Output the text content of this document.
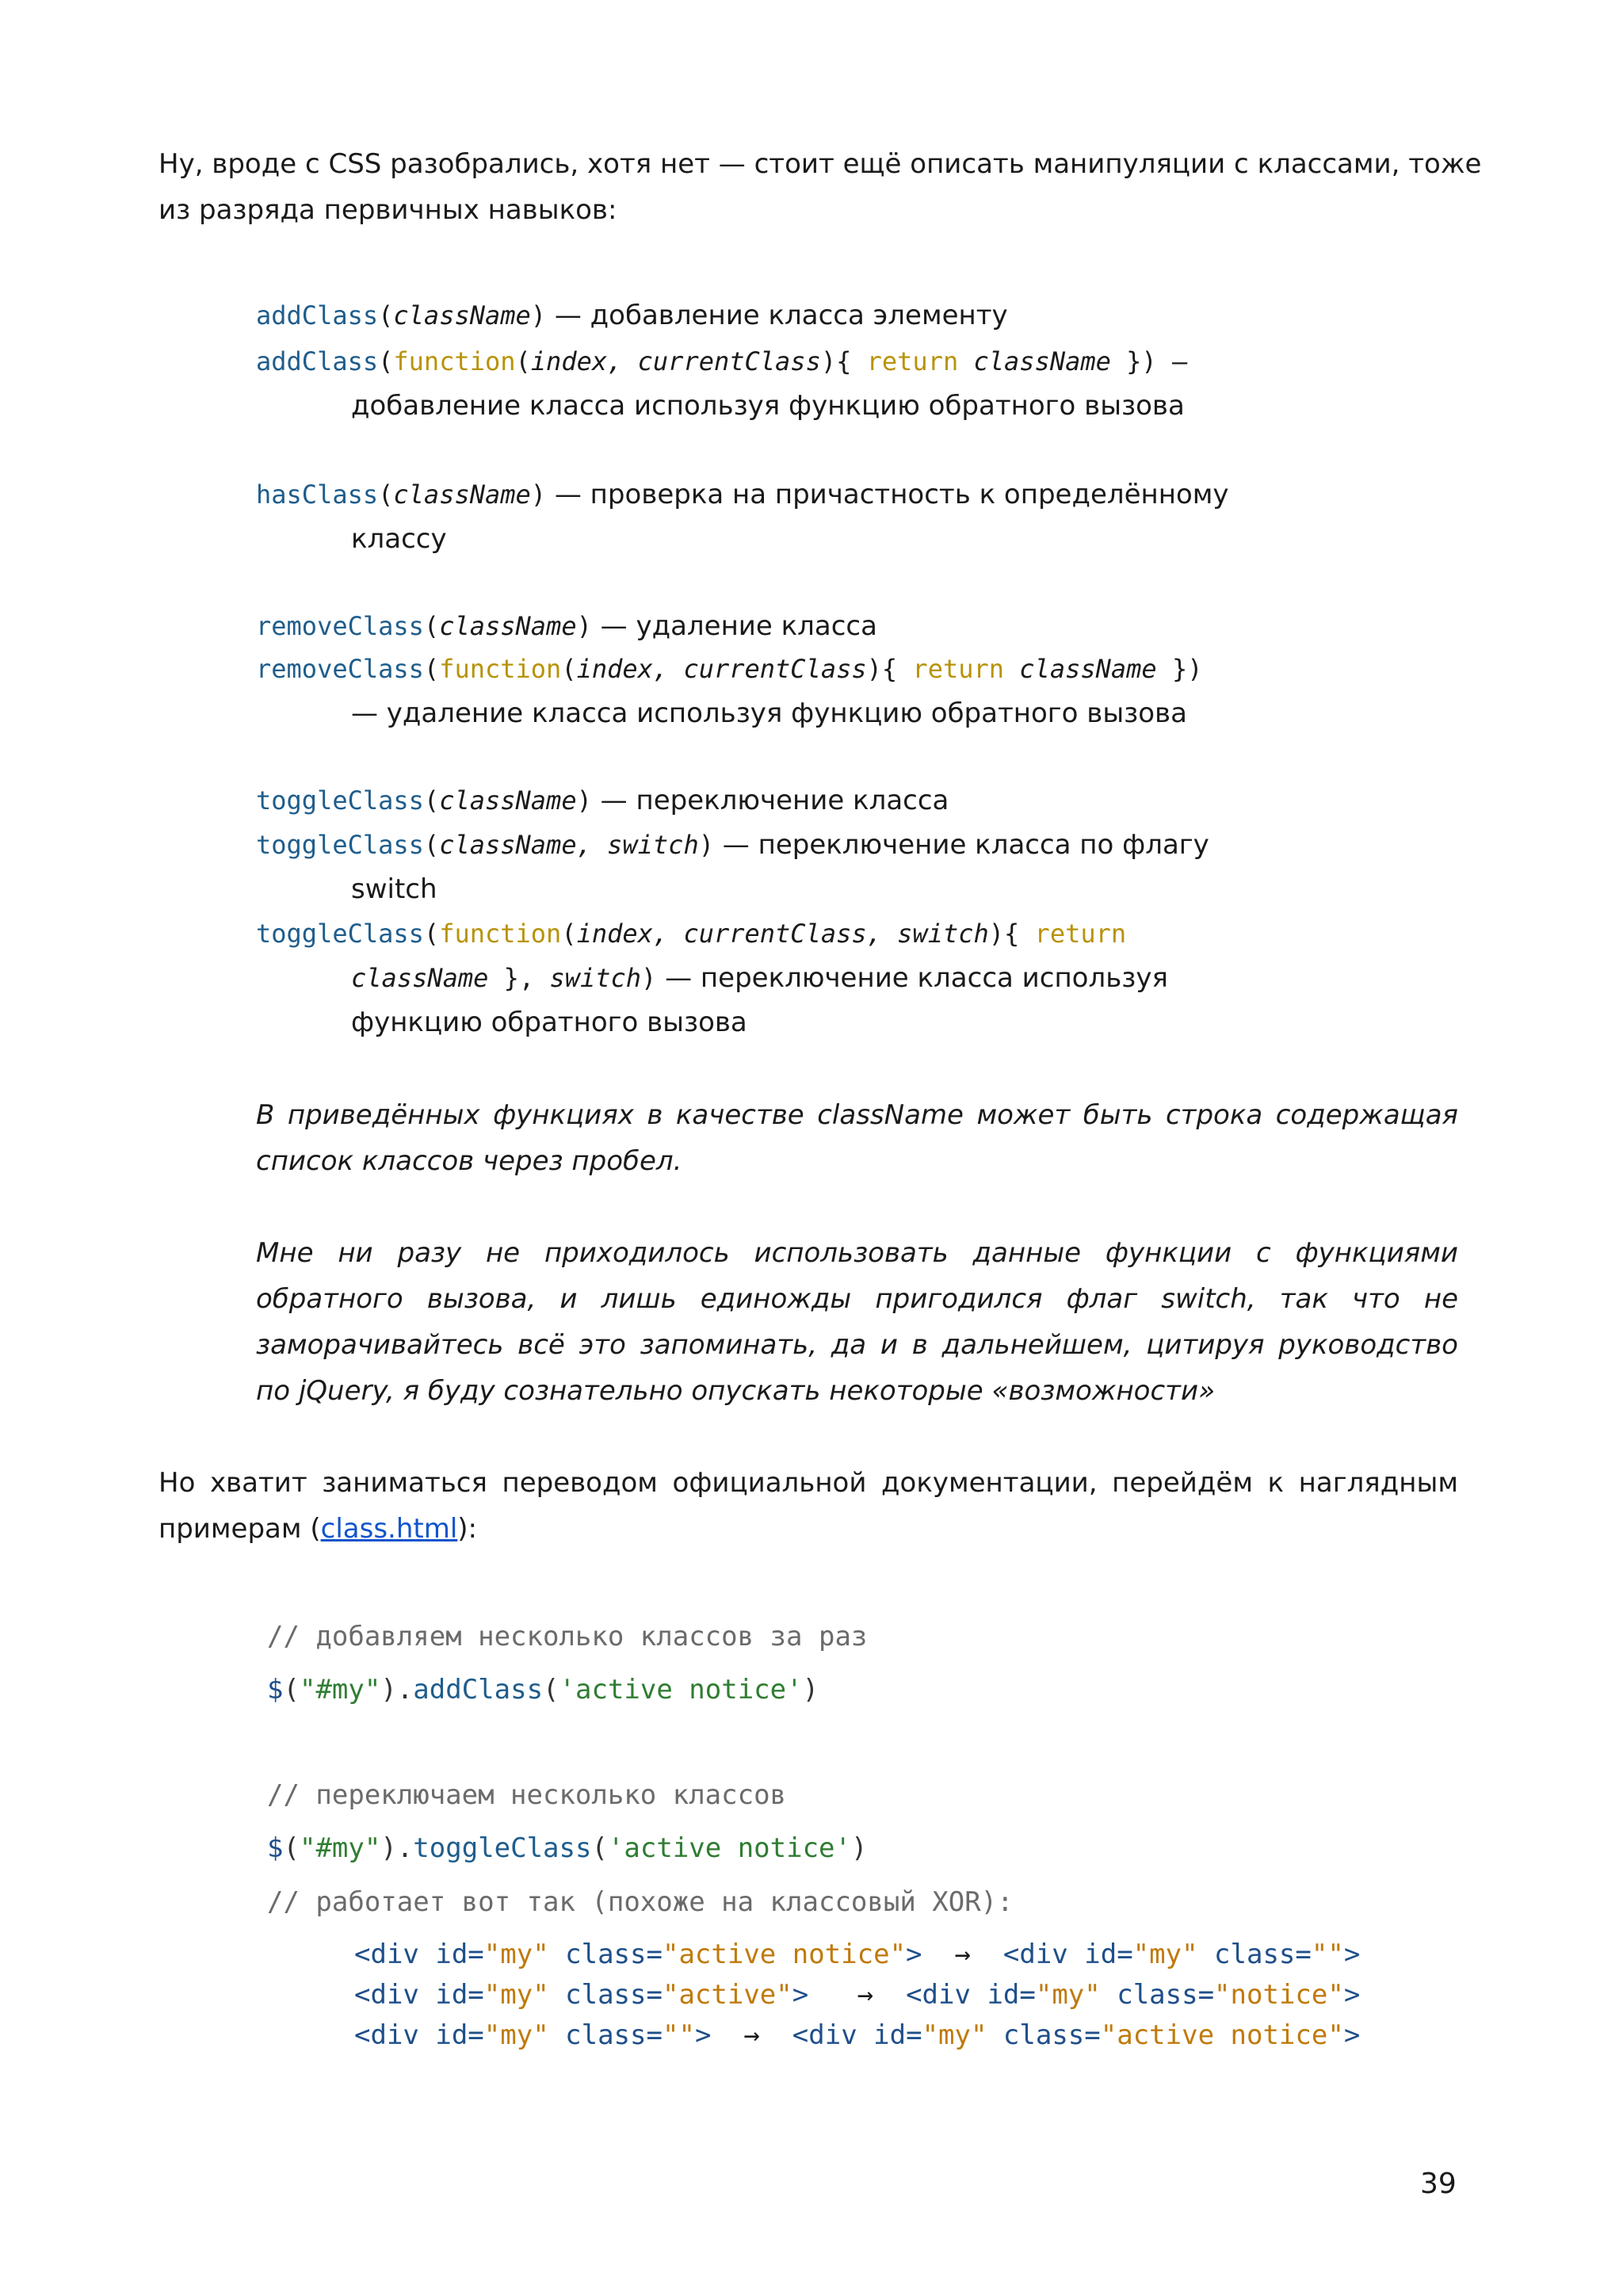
Ну, вроде с CSS разобрались, хотя нет — стоит ещё описать манипуляции с классами, тоже
из разряда первичных навыков:
addClass(className) — добавление класса элементу
addClass(function(index, currentClass){ return className }) —
добавление класса используя функцию обратного вызова
hasClass(className) — проверка на причастность к определённому
классу
removeClass(className) — удаление класса
removeClass(function(index, currentClass){ return className })
— удаление класса используя функцию обратного вызова
toggleClass(className) — переключение класса
toggleClass(className, switch) — переключение класса по флагу
switch
toggleClass(function(index, currentClass, switch){ return
className }, switch) — переключение класса используя
функцию обратного вызова
В приведённых функциях в качестве className может быть строка содержащая
список классов через пробел.
Мне ни разу не приходилось использовать данные функции с функциями
обратного вызова, и лишь единожды пригодился флаг switch, так что не
заморачивайтесь всё это запоминать, да и в дальнейшем, цитируя руководство
по jQuery, я буду сознательно опускать некоторые «возможности»
Но хватит заниматься переводом официальной документации, перейдём к наглядным
примерам (class.html):
// добавляем несколько классов за раз
$("#my").addClass('active notice')
// переключаем несколько классов
$("#my").toggleClass('active notice')
// работает вот так (похоже на классовый XOR):
<div id="my" class="active notice">  →  <div id="my" class="">
<div id="my" class="active">   →  <div id="my" class="notice">
<div id="my" class="">  →  <div id="my" class="active notice">
39
